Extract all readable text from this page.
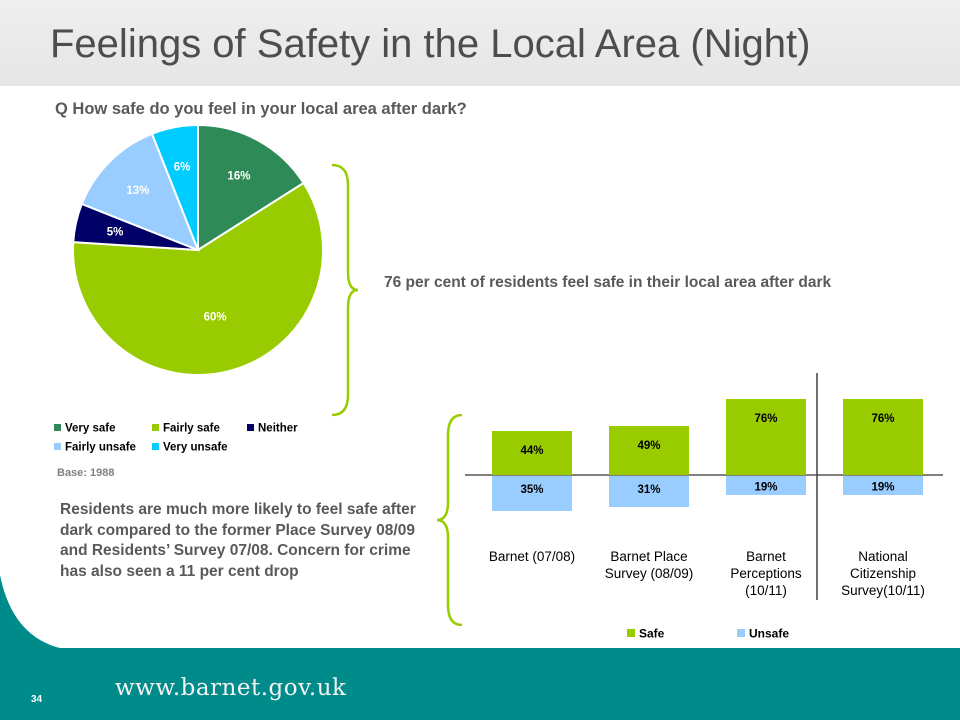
Feelings of Safety in the Local Area (Night)
Q How safe do you feel in your local area after dark?
16%
60%
5%
13%
6%
Very safe	Fairly safe	Neither
Fairly unsafe Very unsafe
Base: 1988
76 per cent of residents feel safe in their local area after dark
Residents are much more likely to feel safe after dark compared to the former Place Survey 08/09 and Residents’ Survey 07/08. Concern for crime has also seen a 11 per cent drop
44%
35%
Barnet (07/08)
49%
31%
Barnet Place
Survey (08/09)
76%
19%
Barnet
Perceptions
(10/11)
76%
19%
National
Citizenship
Survey(10/11)
Safe	Unsafe
34	www.barnet.gov.uk
